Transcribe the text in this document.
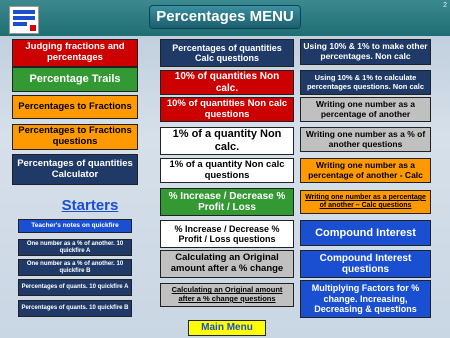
Percentages MENU
2
Judging fractions and percentages
Percentage Trails
Percentages to Fractions
Percentages to Fractions questions
Percentages of quantities Calculator
Starters
Teacher's notes on quickfire
One number as a % of another. 10 quickfire A
One number as a % of another. 10 quickfire B
Percentages of quants. 10 quickfire A
Percentages of quants. 10 quickfire B
Percentages of quantities Calc questions
10% of quantities Non calc.
10% of quantities Non calc questions
1% of a quantity Non calc.
1% of a quantity Non calc questions
% Increase / Decrease % Profit / Loss
% Increase / Decrease % Profit / Loss questions
Calculating an Original amount after a % change
Calculating an Original amount after a % change questions
Using 10% & 1% to make other percentages. Non calc
Using 10% & 1% to calculate percentages questions. Non calc
Writing one number as a percentage of another
Writing one number as a % of another questions
Writing one number as a percentage of another - Calc
Writing one number as a percentage of another – Calc questions
Compound Interest
Compound Interest questions
Multiplying Factors for % change. Increasing, Decreasing & questions
Main Menu
